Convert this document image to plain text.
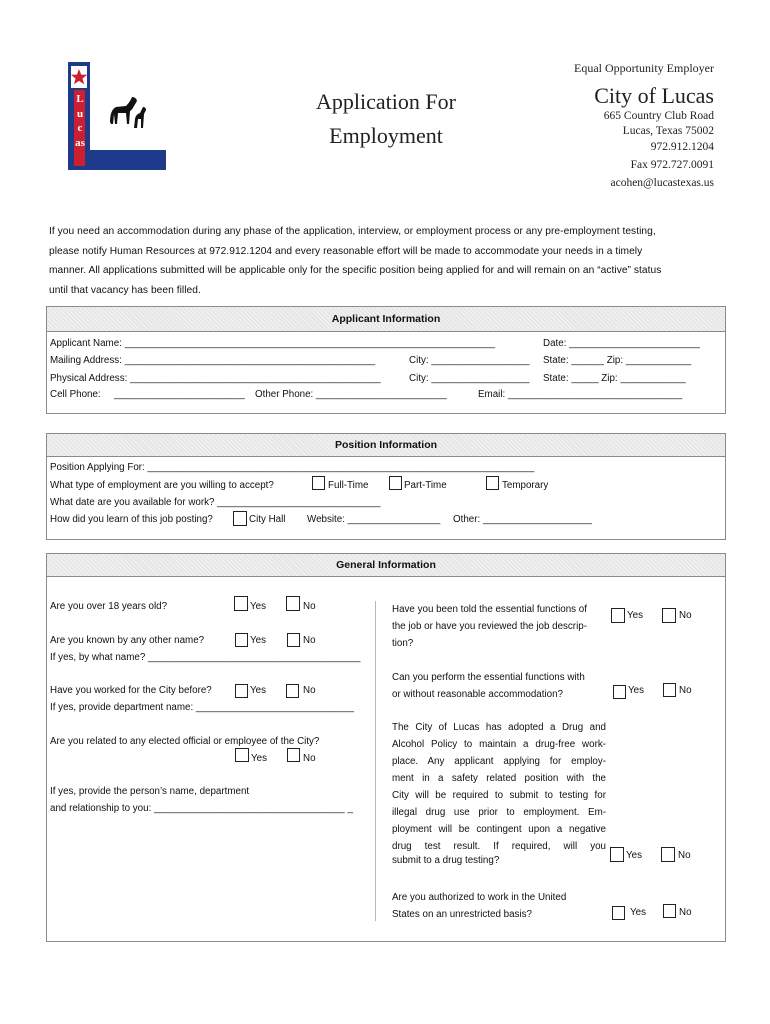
Lucas
Application For
Employment
Equal Opportunity Employer
City of Lucas
665 Country Club Road
Lucas, Texas 75002
972.912.1204
Fax 972.727.0091
acohen@lucastexas.us
If you need an accommodation during any phase of the application, interview, or employment process or any pre-employment testing,
please notify Human Resources at 972.912.1204 and every reasonable effort will be made to accommodate your needs in a timely
manner. All applications submitted will be applicable only for the specific position being applied for and will remain on an “active” status
until that vacancy has been filled.
Applicant Information
Applicant Name: ____________________________________________________________________	Date: ________________________
Mailing Address: ______________________________________________	City: __________________ State: ______ Zip: ____________
Physical Address: ______________________________________________	City: __________________ State: _____ Zip: ____________
Cell Phone: ________________________ Other Phone: ________________________	Email: ________________________________
Position Information
Position Applying For: _______________________________________________________________________
What type of employment are you willing to accept?	Full-Time	Part-Time	Temporary
What date are you available for work? ______________________________
How did you learn of this job posting?	City Hall Website: _________________ Other: ____________________
General Information
Are you over 18 years old?	Yes	No
Are you known by any other name?	Yes	No
If yes, by what name? _______________________________________
Have you worked for the City before?	Yes	No
If yes, provide department name: _____________________________
Are you related to any elected official or employee of the City?
Yes	No
If yes, provide the person’s name, department
and relationship to you: ___________________________________ _
Have you been told the essential functions of
the job or have you reviewed the job descrip-
tion?
Yes	No
Can you perform the essential functions with
or without reasonable accommodation?	Yes	No
The City of Lucas has adopted a Drug and
Alcohol Policy to maintain a drug-free work-
place. Any applicant applying for employ-
ment in a safety related position with the
City will be required to submit to testing for
illegal drug use prior to employment. Em-
ployment will be contingent upon a negative
drug test result. If required, will you
submit to a drug testing?	Yes	No
Are you authorized to work in the United
States on an unrestricted basis?	Yes	No
